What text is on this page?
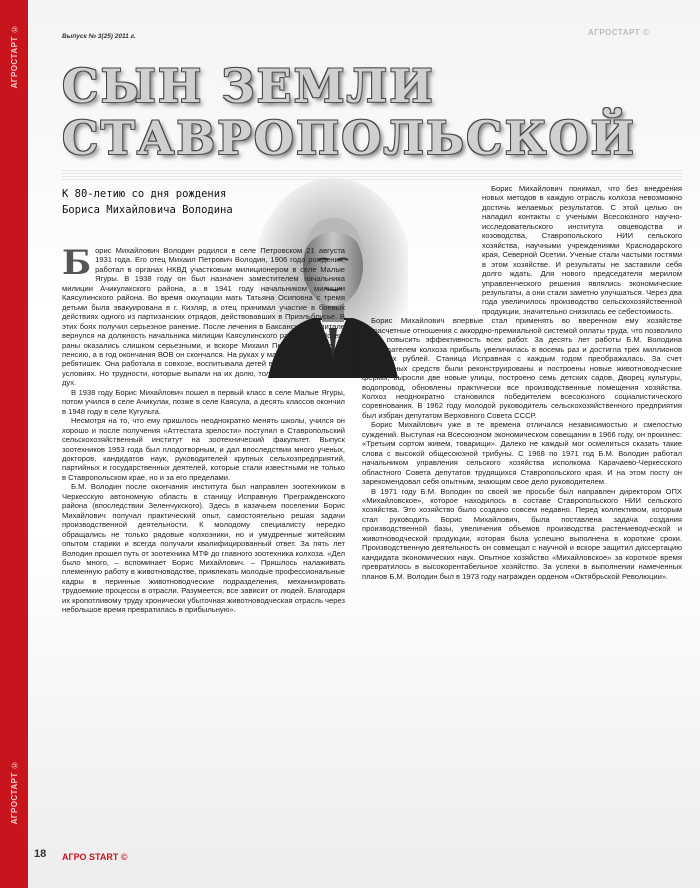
АГРОСТАРТ ©
АГРОСТАРТ ©
Выпуск № 3(25) 2011 г.	АГРОСТАРТ ©
СЫН ЗЕМЛИ
СТАВРОПОЛЬСКОЙ
К 80-летию со дня рождения Бориса Михайловича Володина

Борис Михайлович Володин родился в селе Петровском 21 августа 1931 года. Его отец Михаил Петрович Володин, 1906 года рождения, работал в органах НКВД участковым милиционером в селе Малые Ягуры. В 1938 году он был назначен заместителем начальника милиции Ачикулакского района, а в 1941 году начальником милиции Каясулинского района. Во время оккупации мать Татьяна Осиповна с тремя детьми была эвакуирована в г. Кизляр, а отец принимал участие в боевых действиях одного из партизанских отрядов, действовавших в Приэльбрусье. В этих боях получил серьезное ранение. После лечения в Баксанском госпитале вернулся на должность начальника милиции Каясулинского райотдела. Но его раны оказались слишком серьезными, и вскоре Михаил Петрович вышел на пенсию, а в год окончания ВОВ он скончался. На руках у матери осталось трое ребятишек. Она работала в совхозе, воспитывала детей в жестких жизненных условиях. Но трудности, которые выпали на их долю, только закаляли волю и дух.

В 1938 году Борис Михайлович пошел в первый класс в селе Малые Ягуры, потом учился в селе Ачикулак, позже в селе Каясула, а десять классов окончил в 1948 году в селе Кугульта.

Несмотря на то, что ему пришлось неоднократно менять школы, учился он хорошо и после получения «Аттестата зрелости» поступил в Ставропольский сельскохозяйственный институт на зоотехнический факультет. Выпуск зоотехников 1953 года был плодотворным, и дал впоследствии много ученых, докторов, кандидатов наук, руководителей крупных сельхозпредприятий, партийных и государственных деятелей, которые стали известными не только в Ставропольском крае, но и за его пределами.

Б.М. Володин после окончания института был направлен зоотехником в Черкесскую автономную область в станицу Исправную Прегражденского района (впоследствии Зеленчукского). Здесь в казачьем поселении Борис Михайлович получал практический опыт, самостоятельно решая задачи производственной деятельности. К молодому специалисту нередко обращались не только рядовые колхозники, но и умудренные житейским опытом старики и всегда получали квалифицированный ответ. За пять лет Володин прошел путь от зоотехника МТФ до главного зоотехника колхоза. «Дел было много, – вспоминает Борис Михайлович. – Пришлось налаживать племенную работу в животноводстве, привлекать молодые профессиональные кадры в перинные животноводческие подразделения, механизировать трудоемкие процессы в отрасли. Разумеется, все зависит от людей. Благодаря их кропотливому труду хронически убыточная животноводческая отрасль через небольшое время превратилась в прибыльную».

Борис Михайлович понимал, что без внедрения новых методов в каждую отрасль колхоза невозможно достичь желаемых результатов. С этой целью он наладил контакты с учеными Всесоюзного научно-исследовательского института овцеводства и козоводства, Ставропольского НИИ сельского хозяйства, научными учреждениями Краснодарского края, Северной Осетии. Ученые стали частыми гостями в этом хозяйстве. И результаты не заставили себя долго ждать. Для нового председателя мерилом управленческого решения являлись экономические результаты, а они стали заметно улучшаться. Через два года увеличилось производство сельскохозяйственной продукции, значительно снизилась ее себестоимость.

Борис Михайлович впервые стал применять во вверенном ему хозяйстве хозрасчетные отношения с аккордно-премиальной системой оплаты труда, что позволило резко повысить эффективность всех работ. За десять лет работы Б.М. Володина председателем колхоза прибыль увеличилась в восемь раз и достигла трех миллионов советских рублей. Станица Исправная с каждым годом преображалась. За счет собственных средств были реконструированы и построены новые животноводческие фермы, выросли две новые улицы, построено семь детских садов, Дворец культуры, водопровод, обновлены практически все производственные помещения хозяйства. Колхоз неоднократно становился победителем всесоюзного социалистического соревнования. В 1962 году молодой руководитель сельскохозяйственного предприятия был избран депутатом Верховного Совета СССР.

Борис Михайлович уже в те времена отличался независимостью и смелостью суждений. Выступая на Всесоюзном экономическом совещании в 1966 году, он произнес: «Третьим сортом живем, товарищи». Далеко не каждый мог осмелиться сказать такие слова с высокой общесоюзной трибуны. С 1968 по 1971 год Б.М. Володин работал начальником управления сельского хозяйства исполкома Карачаево-Черкесского областного Совета депутатов трудящихся Ставропольского края. И на этом посту он зарекомендовал себя опытным, знающим свое дело руководителем.

В 1971 году Б.М. Володин по своей же просьбе был направлен директором ОПХ «Михайловское», которое находилось в составе Ставропольского НИИ сельского хозяйства. Это хозяйство было создано совсем недавно. Перед коллективом, которым стал руководить Борис Михайлович, была поставлена задача создания производственной базы, увеличения объемов производства растениеводческой и животноводческой продукции, которая была успешно выполнена в короткие сроки. Производственную деятельность он совмещал с научной и вскоре защитил диссертацию кандидата экономических наук. Опытное хозяйство «Михайловское» за короткое время превратилось в высокорентабельное хозяйство. За успехи в выполнении намеченных планов Б.М. Володин был в 1973 году награжден орденом «Октябрьской Революции».

18 АГРО START ©
